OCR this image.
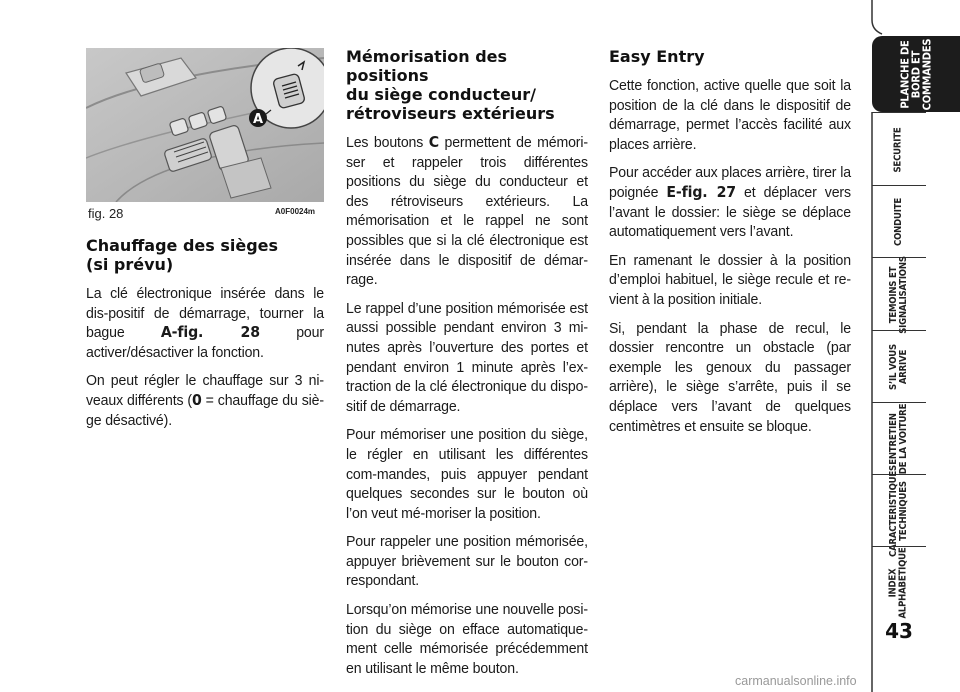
A
fig. 28	A0F0024m
Chauffage des sièges
(si prévu)

La clé électronique insérée dans le dis-positif de démarrage, tourner la bague A-fig. 28 pour activer/désactiver la fonction.

On peut régler le chauffage sur 3 ni-veaux différents (0 = chauffage du siè-ge désactivé).

Mémorisation des positions
du siège conducteur/
rétroviseurs extérieurs

Les boutons C permettent de mémori-ser et rappeler trois différentes positions du siège du conducteur et des rétroviseurs extérieurs. La mémorisation et le rappel ne sont possibles que si la clé électronique est insérée dans le dispositif de démar-rage.

Le rappel d’une position mémorisée est aussi possible pendant environ 3 mi-nutes après l’ouverture des portes et pendant environ 1 minute après l’ex-traction de la clé électronique du dispo-sitif de démarrage.

Pour mémoriser une position du siège, le régler en utilisant les différentes com-mandes, puis appuyer pendant quelques secondes sur le bouton où l’on veut mé-moriser la position.

Pour rappeler une position mémorisée, appuyer brièvement sur le bouton cor-respondant.

Lorsqu’on mémorise une nouvelle posi-tion du siège on efface automatique-ment celle mémorisée précédemment en utilisant le même bouton.

Easy Entry

Cette fonction, active quelle que soit la position de la clé dans le dispositif de démarrage, permet l’accès facilité aux places arrière.

Pour accéder aux places arrière, tirer la poignée E-fig. 27 et déplacer vers l’avant le dossier: le siège se déplace automatiquement vers l’avant.

En ramenant le dossier à la position d’emploi habituel, le siège recule et re-vient à la position initiale.

Si, pendant la phase de recul, le dossier rencontre un obstacle (par exemple les genoux du passager arrière), le siège s’arrête, puis il se déplace vers l’avant de quelques centimètres et ensuite se bloque.

PLANCHE DE
BORD ET
COMMANDES
SECURITE
CONDUITE
TEMOINS ET
SIGNALISATIONS
S’IL VOUS
ARRIVE
ENTRETIEN
DE LA VOITURE
CARACTERISTIQUES
TECHNIQUES
INDEX
ALPHABETIQUE
43
carmanualsonline.info
